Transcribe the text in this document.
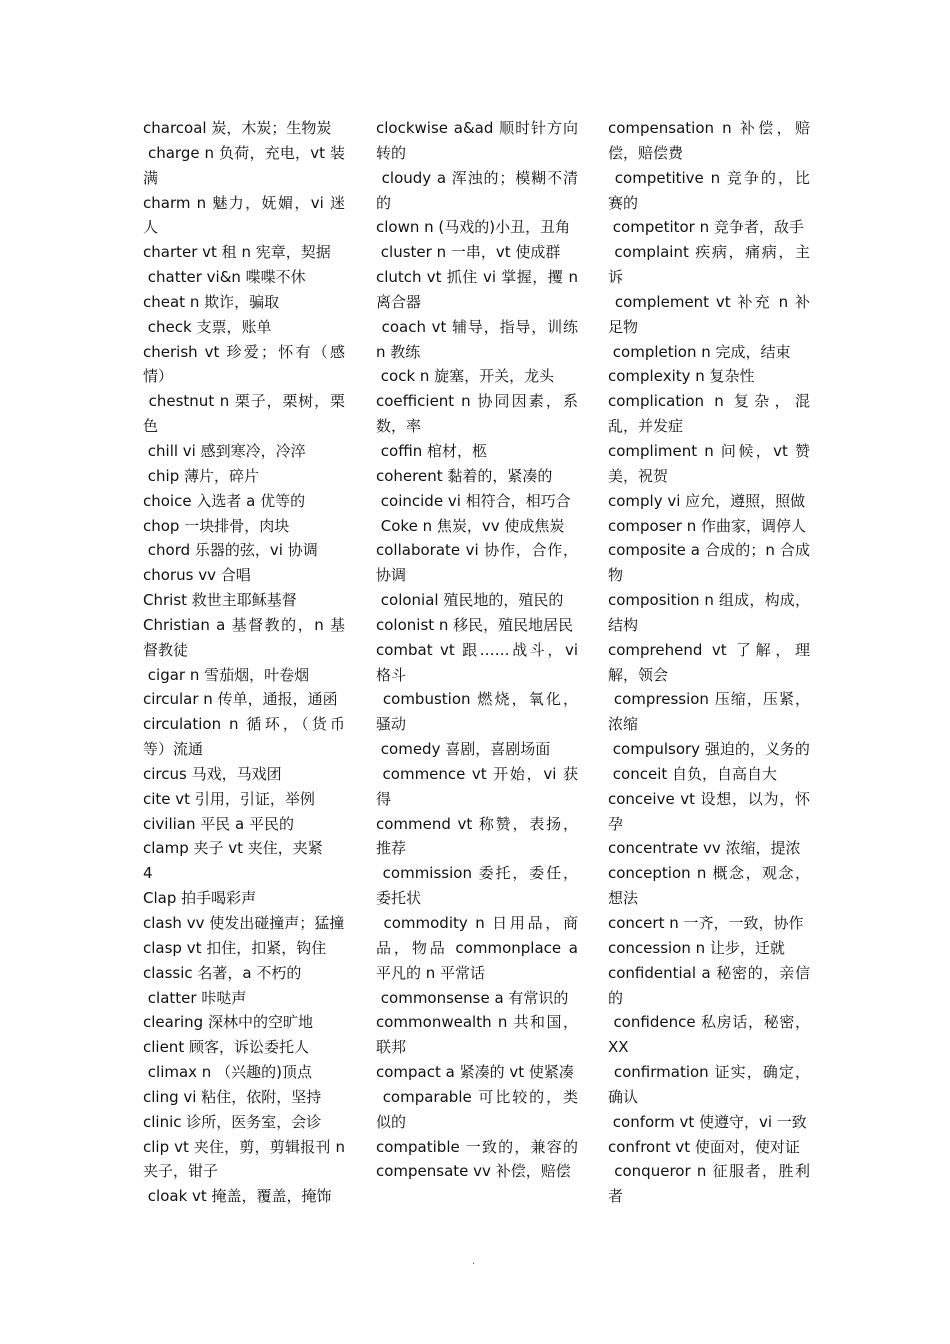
charcoal 炭，木炭；生物炭
charge n 负荷，充电，vt 装满
charm n 魅力，妩媚，vi 迷人
charter vt 租 n 宪章，契据
chatter vi&n 喋喋不休
cheat n 欺诈，骗取
check 支票，账单
cherish vt 珍爱；怀有（感情）
chestnut n 栗子，栗树，栗色
chill vi 感到寒冷，冷淬
chip 薄片，碎片
choice 入选者 a 优等的
chop 一块排骨，肉块
chord 乐器的弦，vi 协调
chorus vv 合唱
Christ 救世主耶稣基督
Christian a 基督教的，n 基督教徒
cigar n 雪茄烟，叶卷烟
circular n 传单，通报，通函
circulation n 循环，（货币等）流通
circus 马戏，马戏团
cite vt 引用，引证，举例
civilian 平民 a 平民的
clamp 夹子 vt 夹住，夹紧
4
Clap 拍手喝彩声
clash vv 使发出碰撞声；猛撞
clasp vt 扣住，扣紧，钩住
classic 名著，a 不朽的
clatter 咔哒声
clearing 深林中的空旷地
client 顾客，诉讼委托人
climax n （兴趣的)顶点
cling vi 粘住，依附，坚持
clinic 诊所，医务室，会诊
clip vt 夹住，剪，剪辑报刊 n 夹子，钳子
cloak vt 掩盖，覆盖，掩饰
clockwise a&ad 顺时针方向转的
cloudy a 浑浊的；模糊不清的
clown n (马戏的)小丑，丑角
cluster n 一串，vt 使成群
clutch vt 抓住 vi 掌握，攫 n 离合器
coach vt 辅导，指导，训练 n 教练
cock n 旋塞，开关，龙头
coefficient n 协同因素，系数，率
coffin 棺材，柩
coherent 黏着的，紧凑的
coincide vi 相符合，相巧合
Coke n 焦炭，vv 使成焦炭
collaborate vi 协作，合作，协调
colonial 殖民地的，殖民的
colonist n 移民，殖民地居民
combat vt 跟……战斗，vi 格斗
combustion 燃烧，氧化，骚动
comedy 喜剧，喜剧场面
commence vt 开始，vi 获得
commend vt 称赞，表扬，推荐
commission 委托，委任，委托状
commodity n 日用品，商品，物品 commonplace a 平凡的 n 平常话
commonsense a 有常识的
commonwealth n 共和国，联邦
compact a 紧凑的 vt 使紧凑
comparable 可比较的，类似的
compatible 一致的，兼容的 compensate vv 补偿，赔偿
compensation n 补偿，赔偿，赔偿费
competitive n 竞争的，比赛的
competitor n 竞争者，敌手
complaint 疾病，痛病，主诉
complement vt 补充 n 补足物
completion n 完成，结束
complexity n 复杂性
complication n 复杂，混乱，并发症
compliment n 问候，vt 赞美，祝贺
comply vi 应允，遵照，照做
composer n 作曲家，调停人
composite a 合成的；n 合成物
composition n 组成，构成，结构
comprehend vt 了解，理解，领会
compression 压缩，压紧，浓缩
compulsory 强迫的，义务的
conceit 自负，自高自大
conceive vt 设想，以为，怀孕
concentrate vv 浓缩，提浓
conception n 概念，观念，想法
concert n 一齐，一致，协作
concession n 让步，迁就
confidential a 秘密的，亲信的
confidence 私房话，秘密，XX
confirmation 证实，确定，确认
conform vt 使遵守，vi 一致
confront vt 使面对，使对证
conqueror n 征服者，胜利者
.
